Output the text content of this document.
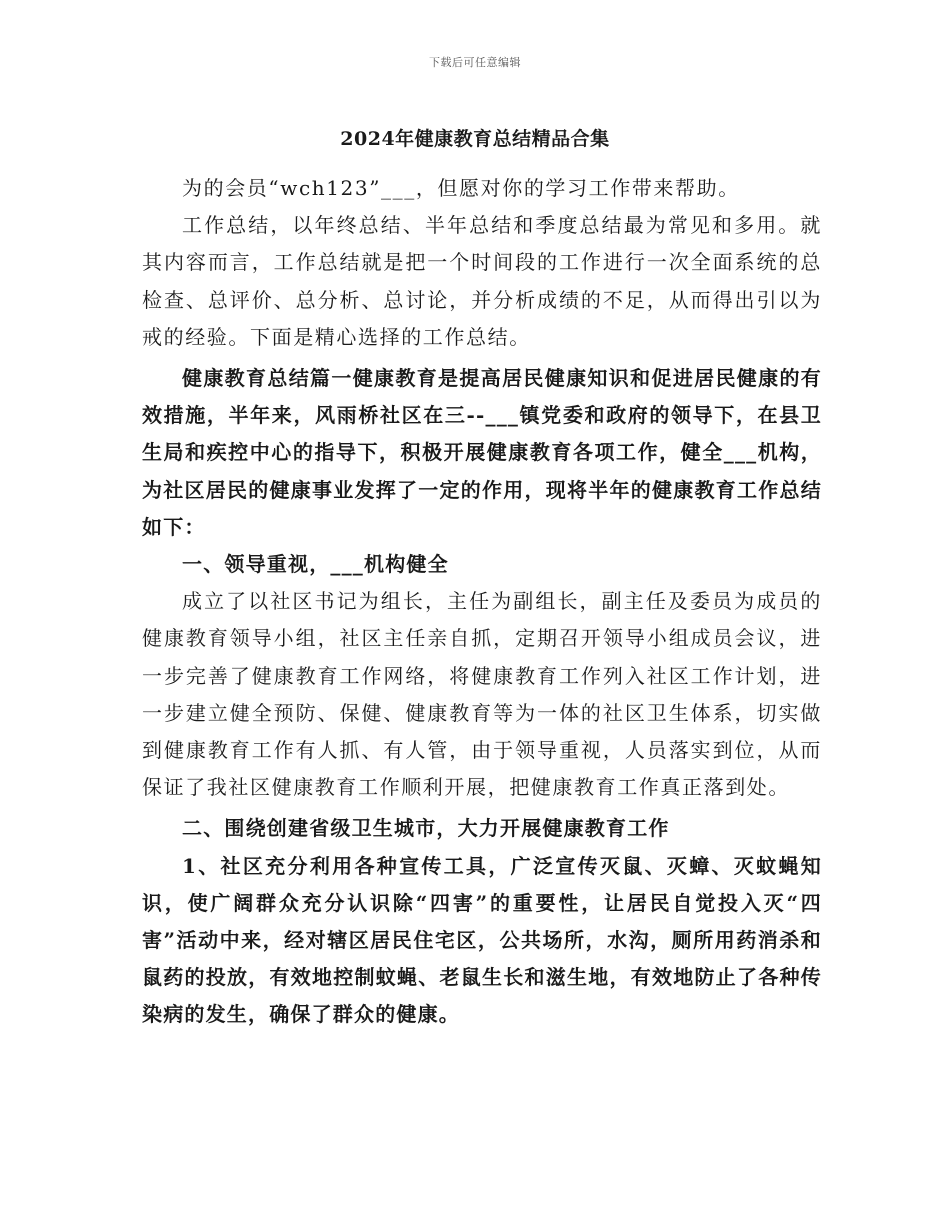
下载后可任意编辑
2024年健康教育总结精品合集

为的会员“wch123”___，但愿对你的学习工作带来帮助。

工作总结，以年终总结、半年总结和季度总结最为常见和多用。就其内容而言，工作总结就是把一个时间段的工作进行一次全面系统的总检查、总评价、总分析、总讨论，并分析成绩的不足，从而得出引以为戒的经验。下面是精心选择的工作总结。

健康教育总结篇一健康教育是提高居民健康知识和促进居民健康的有效措施，半年来，风雨桥社区在三--___镇党委和政府的领导下，在县卫生局和疾控中心的指导下，积极开展健康教育各项工作，健全___机构，为社区居民的健康事业发挥了一定的作用，现将半年的健康教育工作总结如下：

一、领导重视，___机构健全

成立了以社区书记为组长，主任为副组长，副主任及委员为成员的健康教育领导小组，社区主任亲自抓，定期召开领导小组成员会议，进一步完善了健康教育工作网络，将健康教育工作列入社区工作计划，进一步建立健全预防、保健、健康教育等为一体的社区卫生体系，切实做到健康教育工作有人抓、有人管，由于领导重视，人员落实到位，从而保证了我社区健康教育工作顺利开展，把健康教育工作真正落到处。

二、围绕创建省级卫生城市，大力开展健康教育工作

1、社区充分利用各种宣传工具，广泛宣传灭鼠、灭蟑、灭蚊蝇知识，使广阔群众充分认识除“四害”的重要性，让居民自觉投入灭“四害”活动中来，经对辖区居民住宅区，公共场所，水沟，厕所用药消杀和鼠药的投放，有效地控制蚊蝇、老鼠生长和滋生地，有效地防止了各种传染病的发生，确保了群众的健康。
